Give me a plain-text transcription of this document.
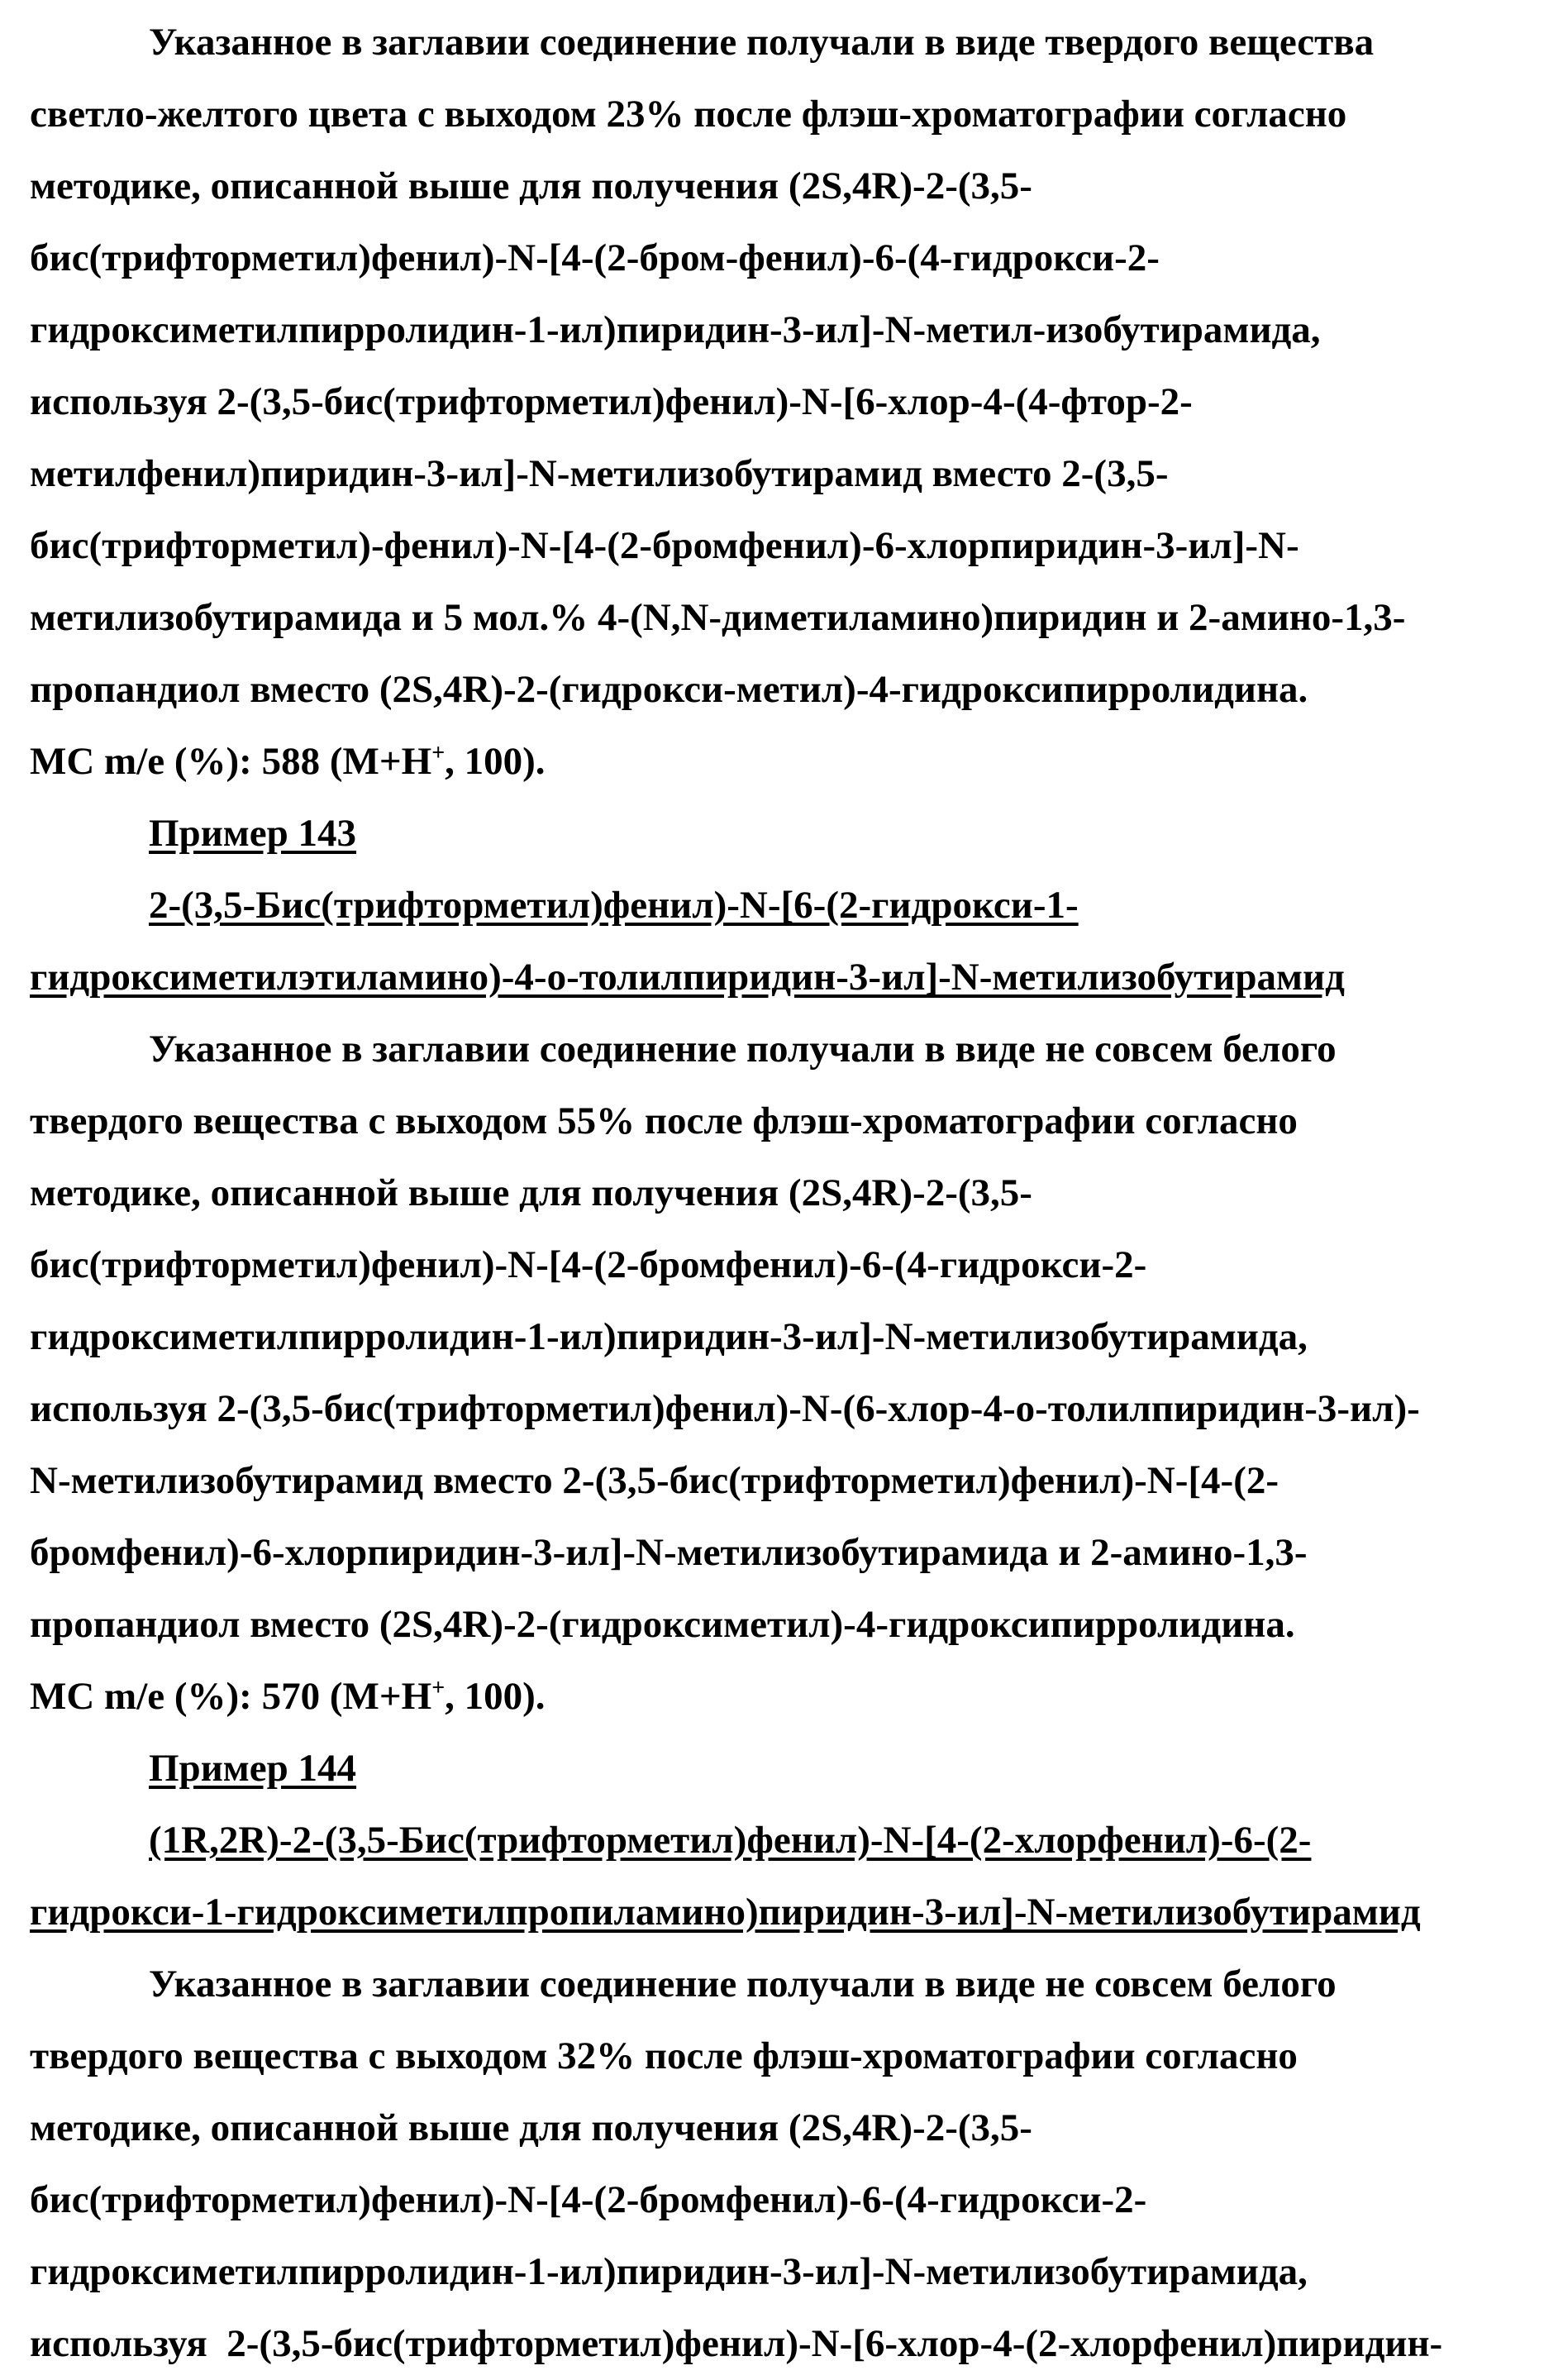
Указанное в заглавии соединение получали в виде твердого вещества
светло-желтого цвета с выходом 23% после флэш-хроматографии согласно
методике, описанной выше для получения (2S,4R)-2-(3,5-
бис(трифторметил)фенил)-N-[4-(2-бром-фенил)-6-(4-гидрокси-2-
гидроксиметилпирролидин-1-ил)пиридин-3-ил]-N-метил-изобутирамида,
используя 2-(3,5-бис(трифторметил)фенил)-N-[6-хлор-4-(4-фтор-2-
метилфенил)пиридин-3-ил]-N-метилизобутирамид вместо 2-(3,5-
бис(трифторметил)-фенил)-N-[4-(2-бромфенил)-6-хлорпиридин-3-ил]-N-
метилизобутирамида и 5 мол.% 4-(N,N-диметиламино)пиридин и 2-амино-1,3-
пропандиол вместо (2S,4R)-2-(гидрокси-метил)-4-гидроксипирролидина.
МС m/e (%): 588 (M+H+, 100).
Пример 143
2-(3,5-Бис(трифторметил)фенил)-N-[6-(2-гидрокси-1-
гидроксиметилэтиламино)-4-о-толилпиридин-3-ил]-N-метилизобутирамид
Указанное в заглавии соединение получали в виде не совсем белого
твердого вещества с выходом 55% после флэш-хроматографии согласно
методике, описанной выше для получения (2S,4R)-2-(3,5-
бис(трифторметил)фенил)-N-[4-(2-бромфенил)-6-(4-гидрокси-2-
гидроксиметилпирролидин-1-ил)пиридин-3-ил]-N-метилизобутирамида,
используя 2-(3,5-бис(трифторметил)фенил)-N-(6-хлор-4-о-толилпиридин-3-ил)-
N-метилизобутирамид вместо 2-(3,5-бис(трифторметил)фенил)-N-[4-(2-
бромфенил)-6-хлорпиридин-3-ил]-N-метилизобутирамида и 2-амино-1,3-
пропандиол вместо (2S,4R)-2-(гидроксиметил)-4-гидроксипирролидина.
МС m/e (%): 570 (M+H+, 100).
Пример 144
(1R,2R)-2-(3,5-Бис(трифторметил)фенил)-N-[4-(2-хлорфенил)-6-(2-
гидрокси-1-гидроксиметилпропиламино)пиридин-3-ил]-N-метилизобутирамид
Указанное в заглавии соединение получали в виде не совсем белого
твердого вещества с выходом 32% после флэш-хроматографии согласно
методике, описанной выше для получения (2S,4R)-2-(3,5-
бис(трифторметил)фенил)-N-[4-(2-бромфенил)-6-(4-гидрокси-2-
гидроксиметилпирролидин-1-ил)пиридин-3-ил]-N-метилизобутирамида,
используя  2-(3,5-бис(трифторметил)фенил)-N-[6-хлор-4-(2-хлорфенил)пиридин-
